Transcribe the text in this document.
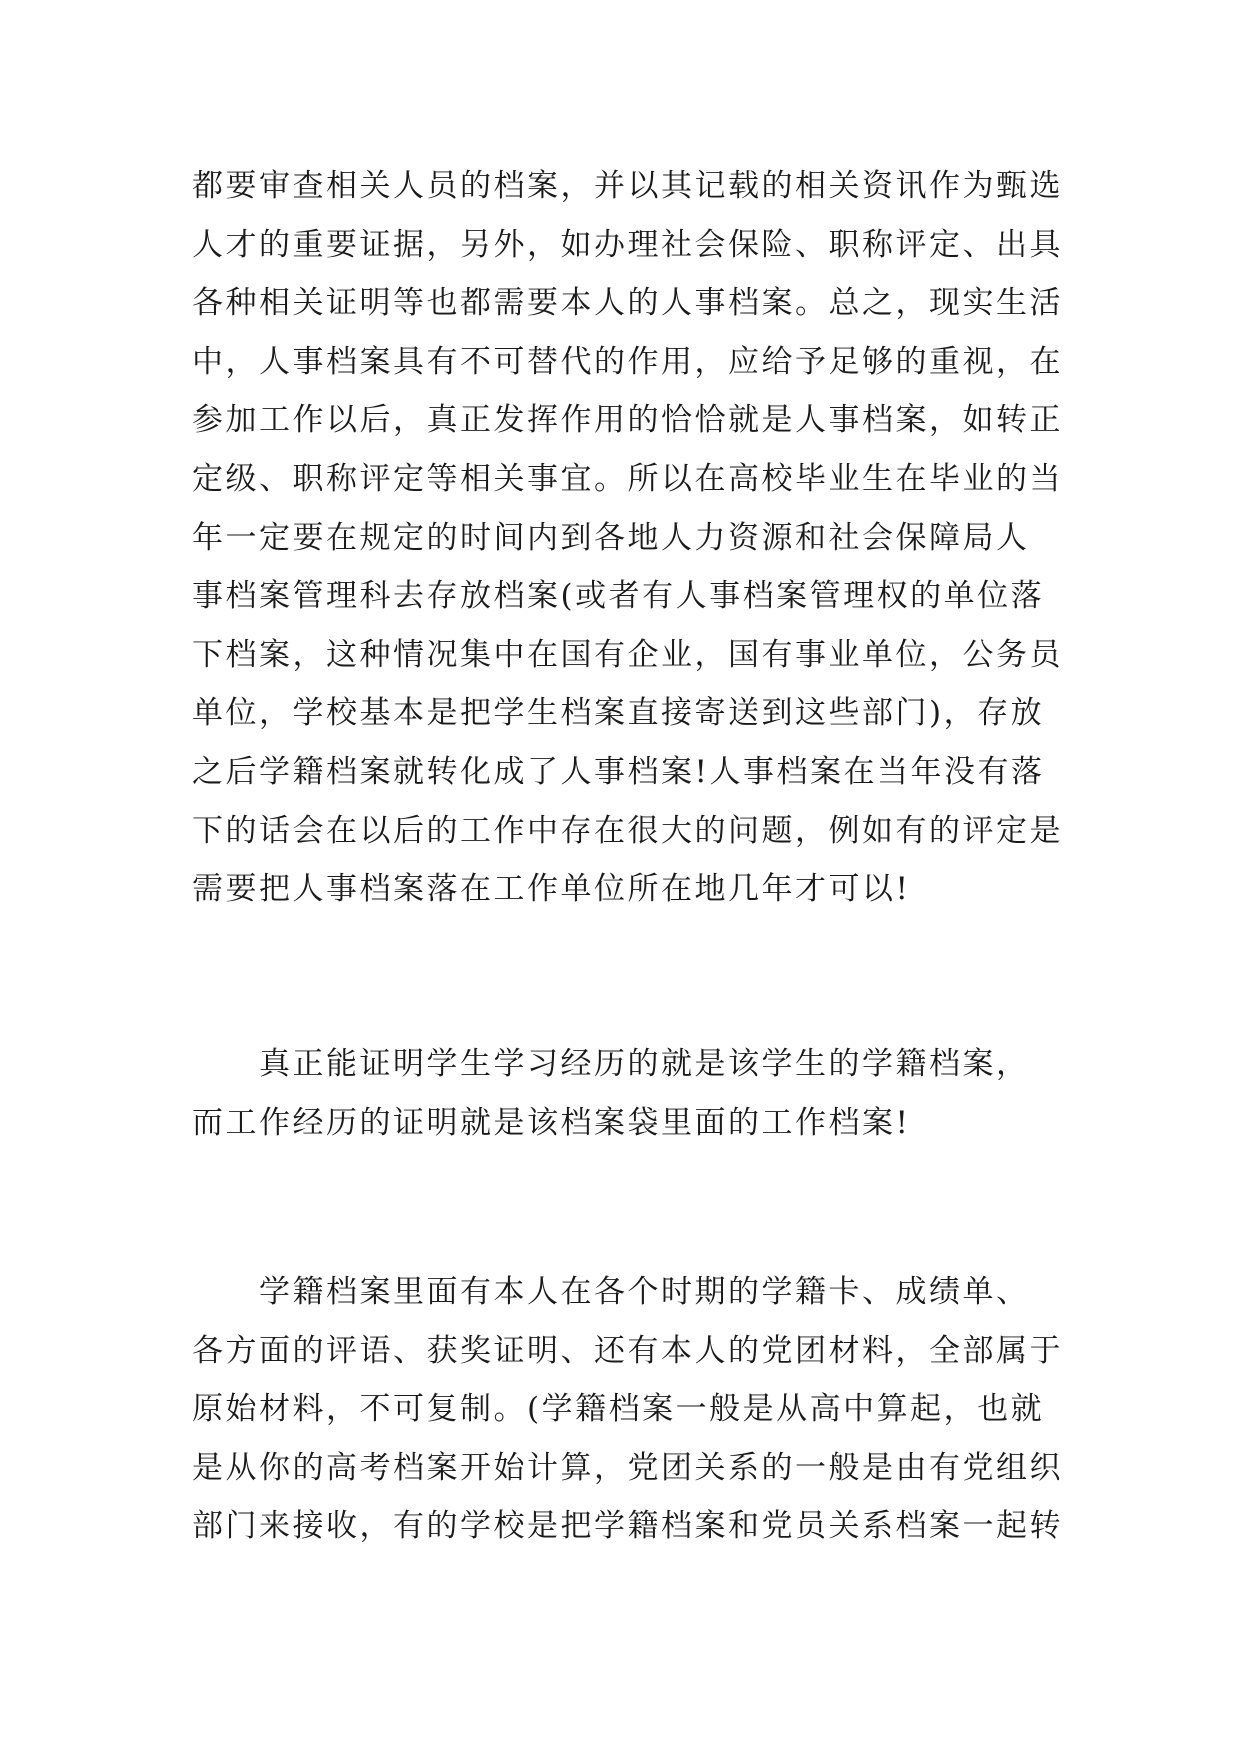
都要审查相关人员的档案，并以其记载的相关资讯作为甄选
人才的重要证据，另外，如办理社会保险、职称评定、出具
各种相关证明等也都需要本人的人事档案。总之，现实生活
中，人事档案具有不可替代的作用，应给予足够的重视，在
参加工作以后，真正发挥作用的恰恰就是人事档案，如转正
定级、职称评定等相关事宜。所以在高校毕业生在毕业的当
年一定要在规定的时间内到各地人力资源和社会保障局人
事档案管理科去存放档案(或者有人事档案管理权的单位落
下档案，这种情况集中在国有企业，国有事业单位，公务员
单位，学校基本是把学生档案直接寄送到这些部门)，存放
之后学籍档案就转化成了人事档案!人事档案在当年没有落
下的话会在以后的工作中存在很大的问题，例如有的评定是
需要把人事档案落在工作单位所在地几年才可以!
　　真正能证明学生学习经历的就是该学生的学籍档案，
而工作经历的证明就是该档案袋里面的工作档案!
　　学籍档案里面有本人在各个时期的学籍卡、成绩单、
各方面的评语、获奖证明、还有本人的党团材料，全部属于
原始材料，不可复制。(学籍档案一般是从高中算起，也就
是从你的高考档案开始计算，党团关系的一般是由有党组织
部门来接收，有的学校是把学籍档案和党员关系档案一起转
